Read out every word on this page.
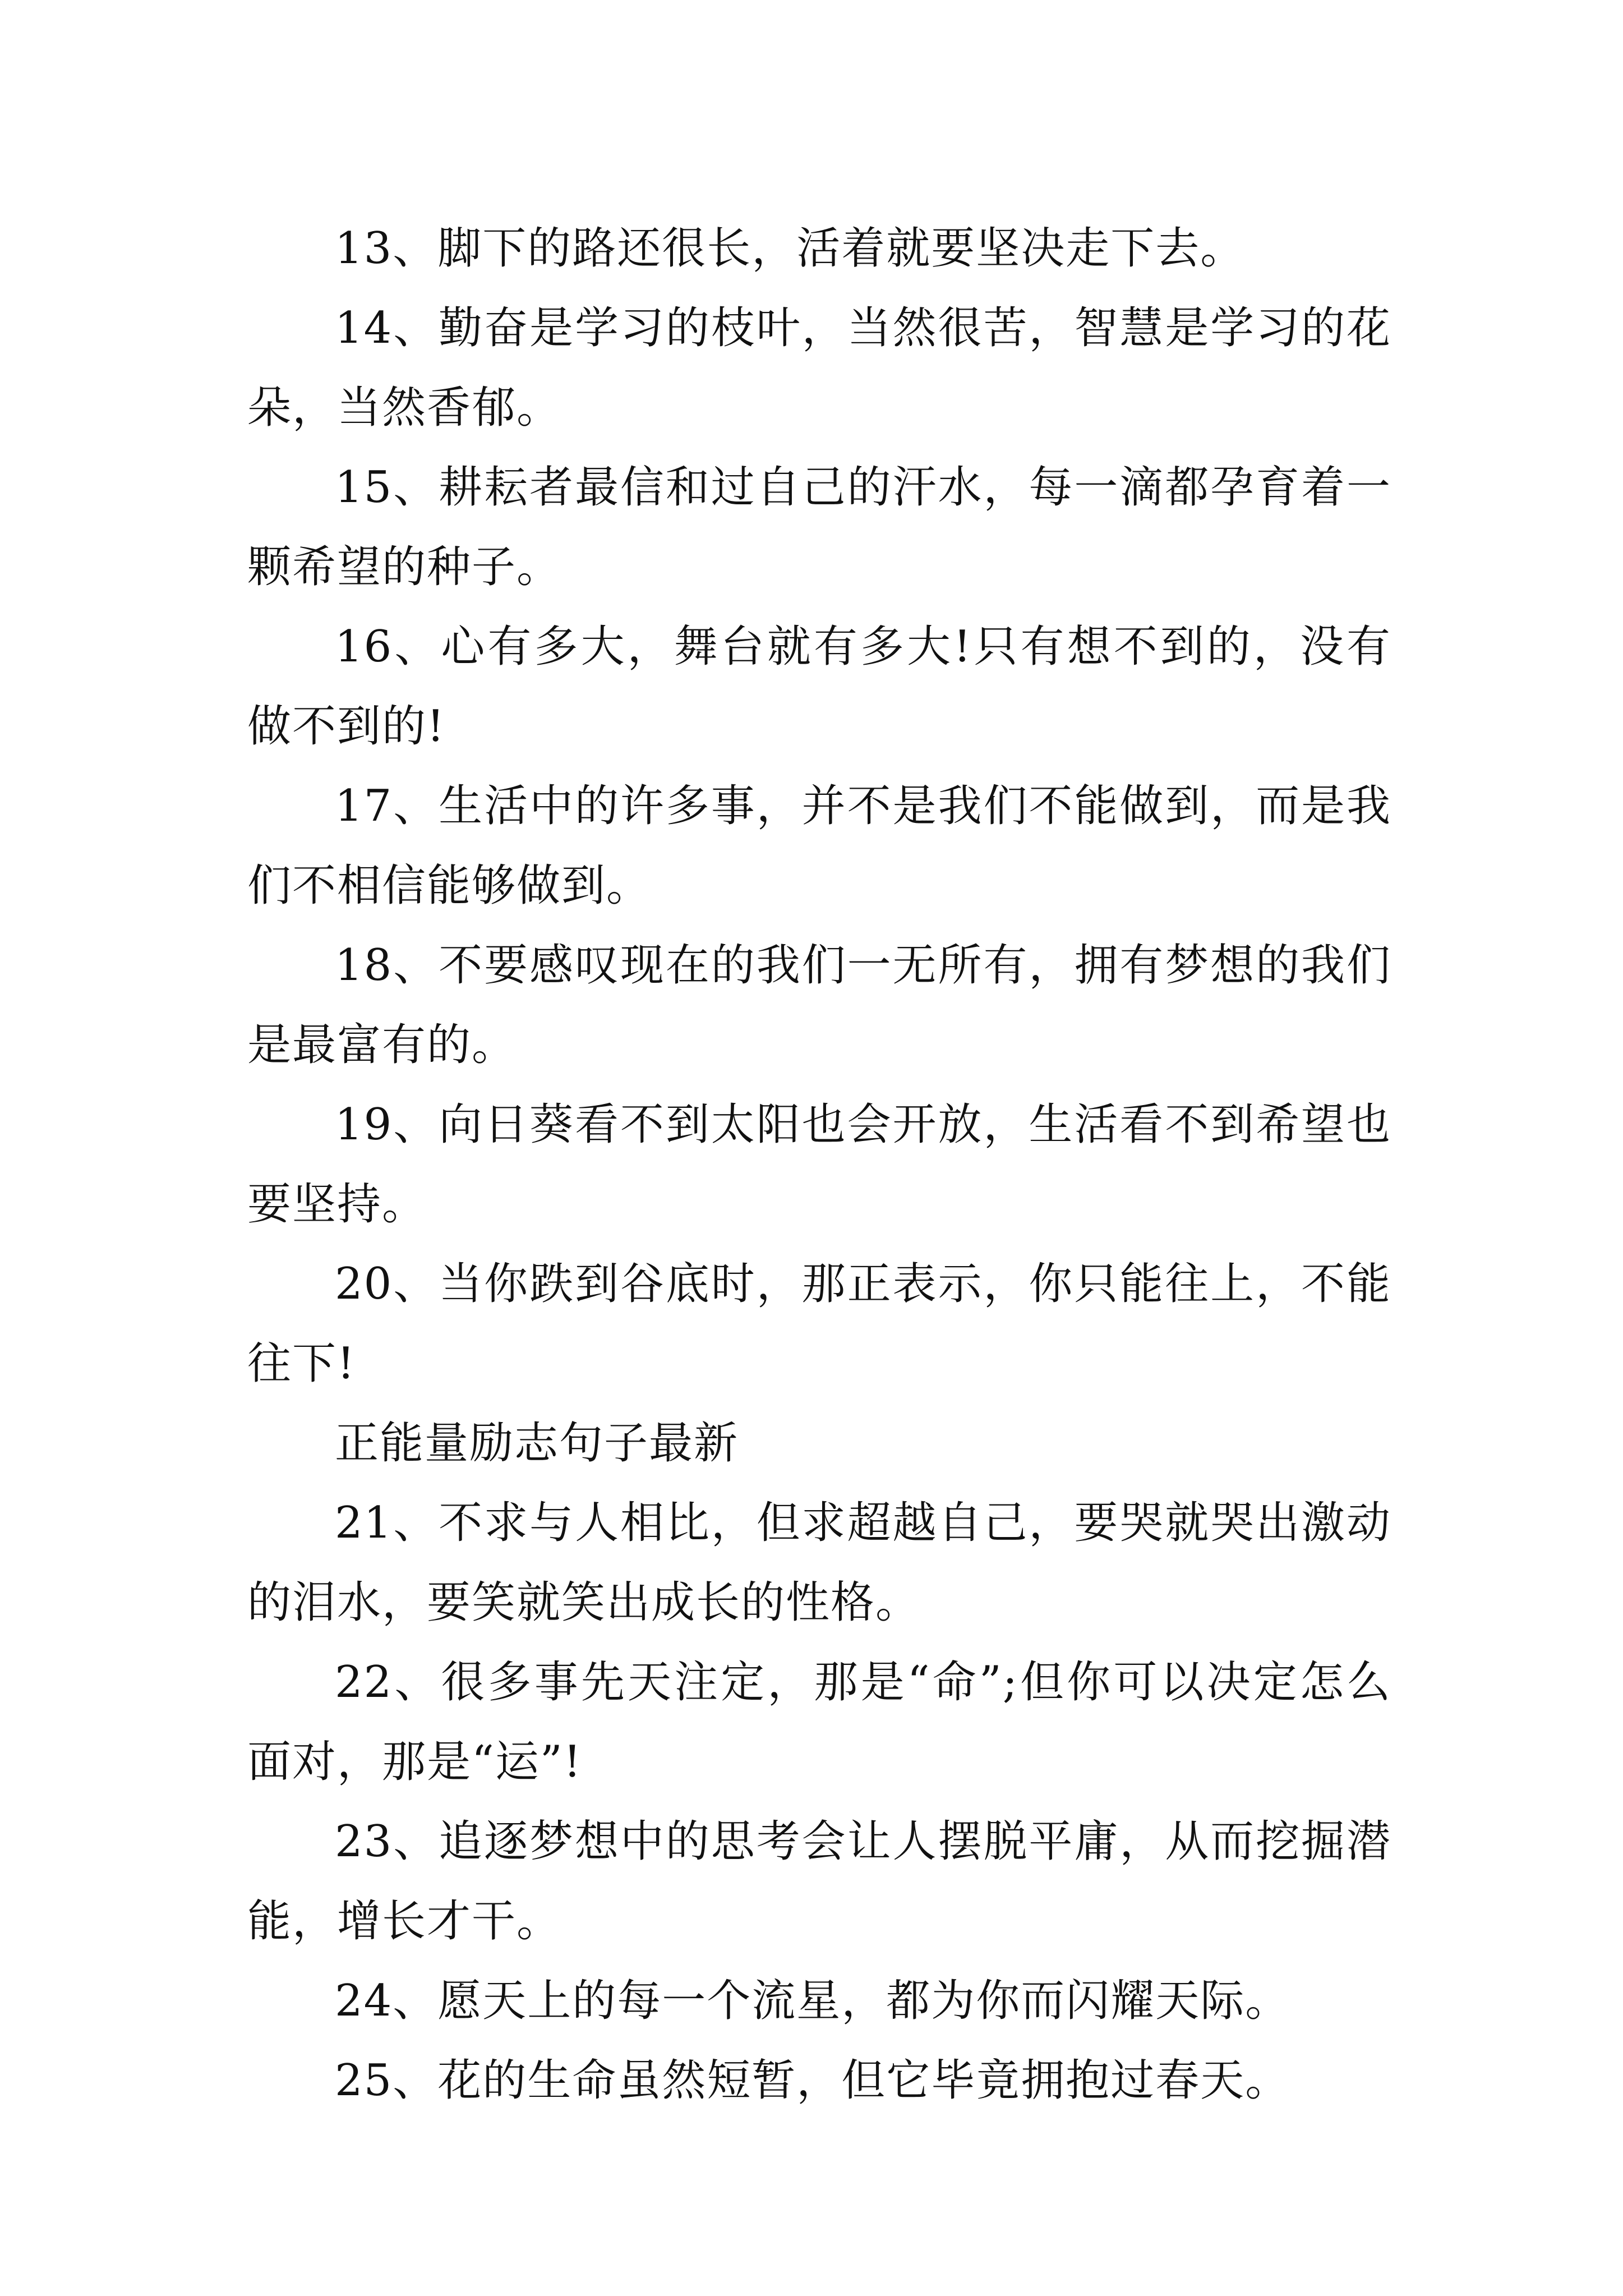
13、脚下的路还很长，活着就要坚决走下去。

14、勤奋是学习的枝叶，当然很苦，智慧是学习的花朵，当然香郁。

15、耕耘者最信和过自己的汗水，每一滴都孕育着一颗希望的种子。

16、心有多大，舞台就有多大!只有想不到的，没有做不到的!

17、生活中的许多事，并不是我们不能做到，而是我们不相信能够做到。

18、不要感叹现在的我们一无所有，拥有梦想的我们是最富有的。

19、向日葵看不到太阳也会开放，生活看不到希望也要坚持。

20、当你跌到谷底时，那正表示，你只能往上，不能往下!

正能量励志句子最新

21、不求与人相比，但求超越自己，要哭就哭出激动的泪水，要笑就笑出成长的性格。

22、很多事先天注定，那是“命”;但你可以决定怎么面对，那是“运”!

23、追逐梦想中的思考会让人摆脱平庸，从而挖掘潜能，增长才干。

24、愿天上的每一个流星，都为你而闪耀天际。

25、花的生命虽然短暂，但它毕竟拥抱过春天。
